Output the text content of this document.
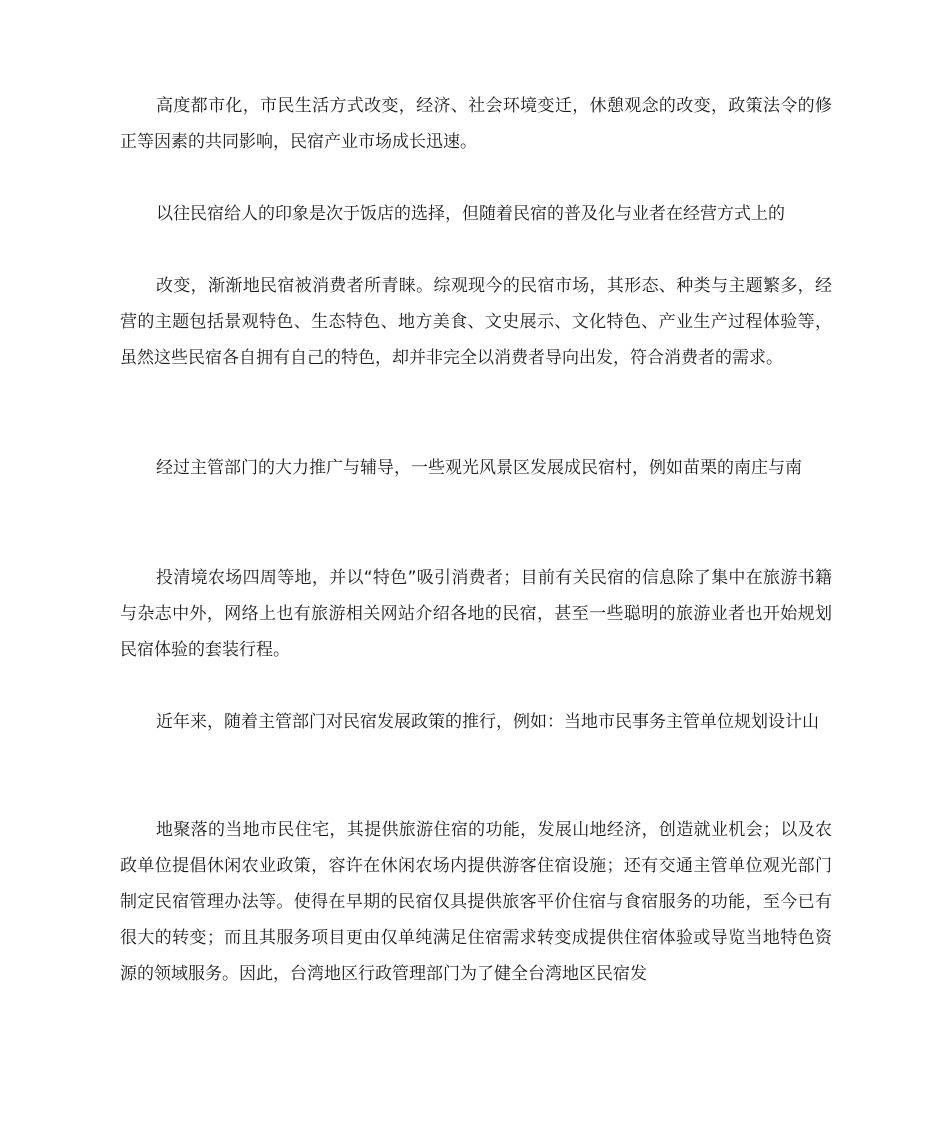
高度都市化，市民生活方式改变，经济、社会环境变迁，休憩观念的改变，政策法令的修正等因素的共同影响，民宿产业市场成长迅速。

以往民宿给人的印象是次于饭店的选择，但随着民宿的普及化与业者在经营方式上的

改变，渐渐地民宿被消费者所青睐。综观现今的民宿市场，其形态、种类与主题繁多，经营的主题包括景观特色、生态特色、地方美食、文史展示、文化特色、产业生产过程体验等，虽然这些民宿各自拥有自己的特色，却并非完全以消费者导向出发，符合消费者的需求。

经过主管部门的大力推广与辅导，一些观光风景区发展成民宿村，例如苗栗的南庄与南

投清境农场四周等地，并以“特色”吸引消费者；目前有关民宿的信息除了集中在旅游书籍与杂志中外，网络上也有旅游相关网站介绍各地的民宿，甚至一些聪明的旅游业者也开始规划民宿体验的套装行程。

近年来，随着主管部门对民宿发展政策的推行，例如：当地市民事务主管单位规划设计山

地聚落的当地市民住宅，其提供旅游住宿的功能，发展山地经济，创造就业机会；以及农政单位提倡休闲农业政策，容许在休闲农场内提供游客住宿设施；还有交通主管单位观光部门制定民宿管理办法等。使得在早期的民宿仅具提供旅客平价住宿与食宿服务的功能，至今已有很大的转变；而且其服务项目更由仅单纯满足住宿需求转变成提供住宿体验或导览当地特色资源的领域服务。因此，台湾地区行政管理部门为了健全台湾地区民宿发
